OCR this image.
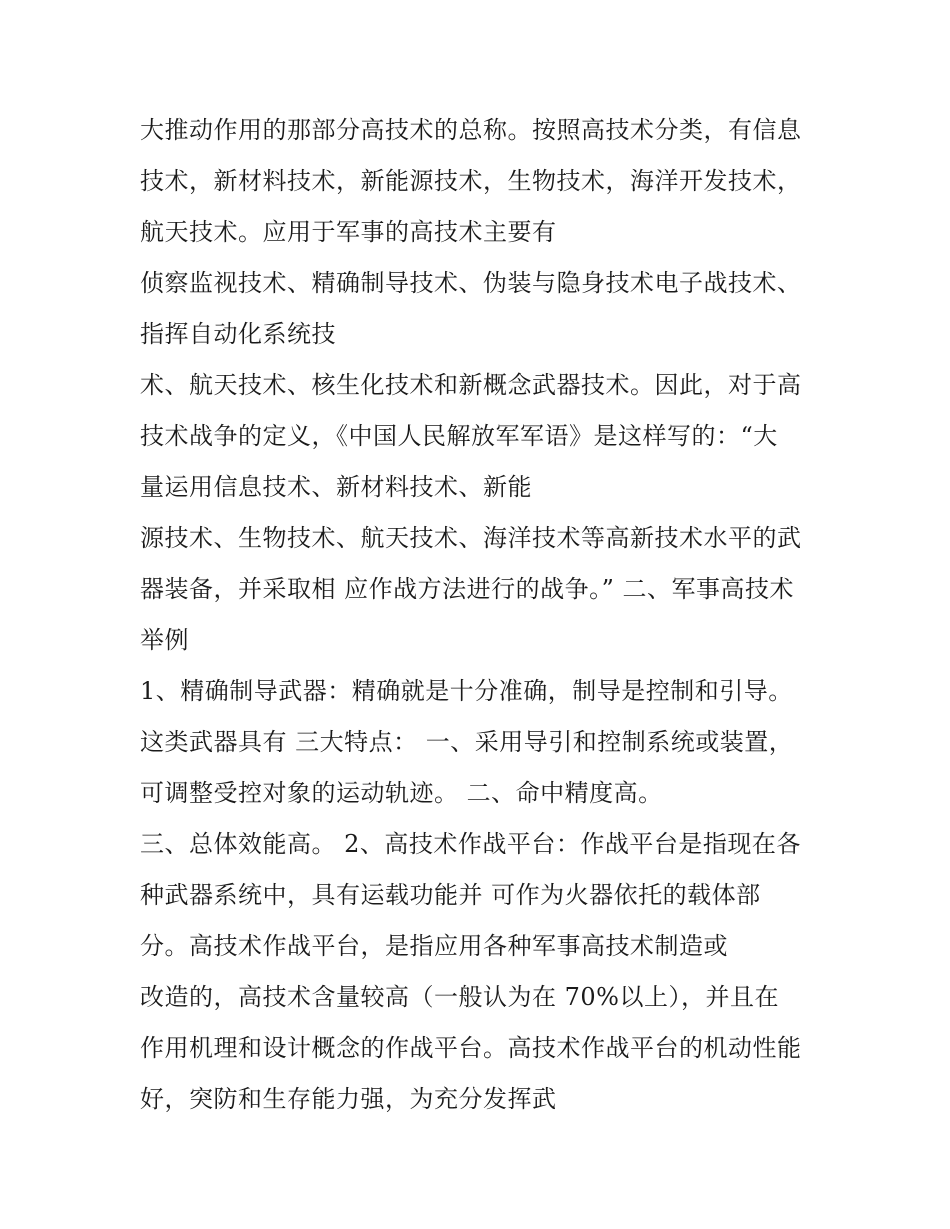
大推动作用的那部分高技术的总称。按照高技术分类，有信息
技术，新材料技术，新能源技术，生物技术，海洋开发技术，
航天技术。应用于军事的高技术主要有
侦察监视技术、精确制导技术、伪装与隐身技术电子战技术、
指挥自动化系统技
术、航天技术、核生化技术和新概念武器技术。因此，对于高
技术战争的定义，《中国人民解放军军语》是这样写的：“大
量运用信息技术、新材料技术、新能
源技术、生物技术、航天技术、海洋技术等高新技术水平的武
器装备，并采取相 应作战方法进行的战争。” 二、军事高技术
举例
1、精确制导武器：精确就是十分准确，制导是控制和引导。
这类武器具有 三大特点： 一、采用导引和控制系统或装置，
可调整受控对象的运动轨迹。 二、命中精度高。
三、总体效能高。 2、高技术作战平台：作战平台是指现在各
种武器系统中，具有运载功能并 可作为火器依托的载体部
分。高技术作战平台，是指应用各种军事高技术制造或
改造的，高技术含量较高（一般认为在 70%以上），并且在
作用机理和设计概念的作战平台。高技术作战平台的机动性能
好，突防和生存能力强，为充分发挥武
